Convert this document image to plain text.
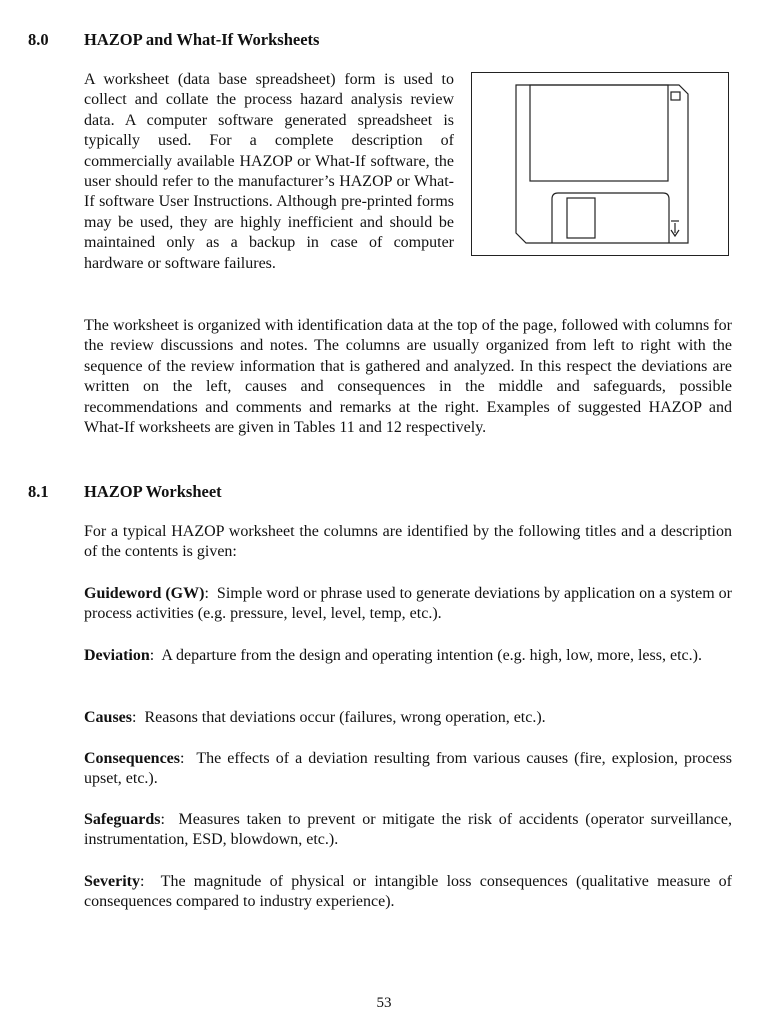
8.0 HAZOP and What-If Worksheets

A worksheet (data base spreadsheet) form is used to collect and collate the process hazard analysis review data. A computer software generated spreadsheet is typically used. For a complete description of commercially available HAZOP or What-If software, the user should refer to the manufacturer’s HAZOP or What- If software User Instructions. Although pre-printed forms may be used, they are highly inefficient and should be maintained only as a backup in case of computer hardware or software failures.

The worksheet is organized with identification data at the top of the page, followed with columns for the review discussions and notes. The columns are usually organized from left to right with the sequence of the review information that is gathered and analyzed. In this respect the deviations are written on the left, causes and consequences in the middle and safeguards, possible recommendations and comments and remarks at the right. Examples of suggested HAZOP and What-If worksheets are given in Tables 11 and 12 respectively.

8.1 HAZOP Worksheet

For a typical HAZOP worksheet the columns are identified by the following titles and a description of the contents is given:

Guideword (GW):  Simple word or phrase used to generate deviations by application on a system or process activities (e.g. pressure, level, level, temp, etc.).

Deviation:  A departure from the design and operating intention (e.g. high, low, more, less, etc.).

Causes:  Reasons that deviations occur (failures, wrong operation, etc.).

Consequences:  The effects of a deviation resulting from various causes (fire, explosion, process upset, etc.).

Safeguards:  Measures taken to prevent or mitigate the risk of accidents (operator surveillance, instrumentation, ESD, blowdown, etc.).

Severity:  The magnitude of physical or intangible loss consequences (qualitative measure of consequences compared to industry experience).

53
